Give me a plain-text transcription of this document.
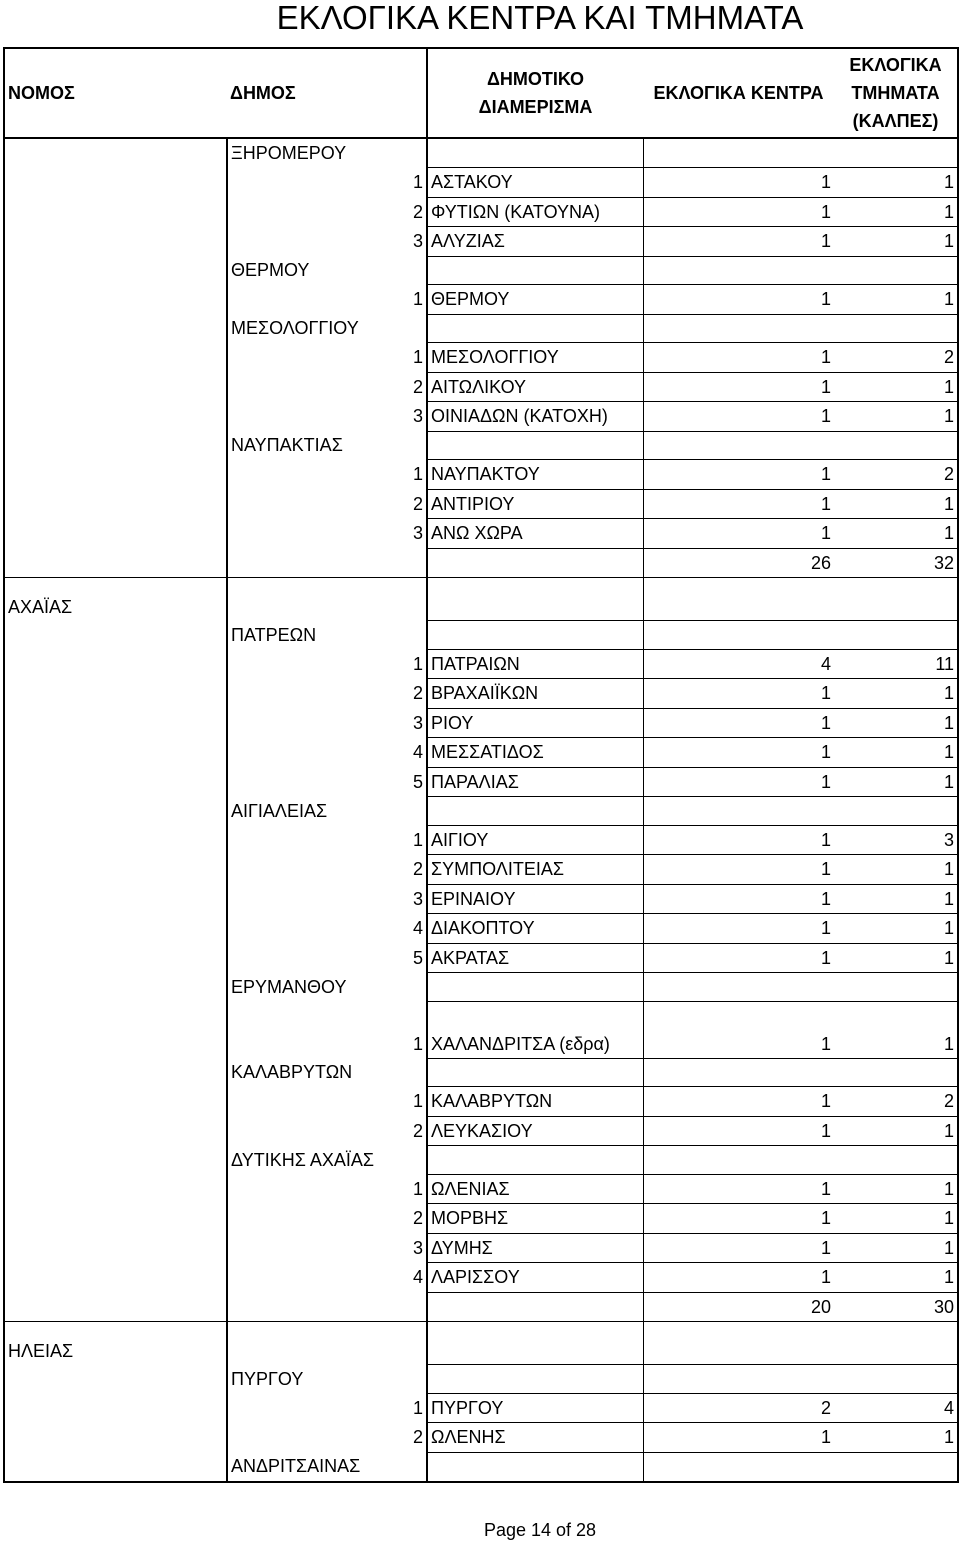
ΕΚΛΟΓΙΚΑ ΚΕΝΤΡΑ ΚΑΙ ΤΜΗΜΑΤΑ
ΝΟΜΟΣ	ΔΗΜΟΣ	ΔΗΜΟΤΙΚΟ ΔΙΑΜΕΡΙΣΜΑ	ΕΚΛΟΓΙΚΑ ΚΕΝΤΡΑ	ΕΚΛΟΓΙΚΑ ΤΜΗΜΑΤΑ (ΚΑΛΠΕΣ)
	ΞΗΡΟΜΕΡΟΥ			
	1	ΑΣΤΑΚΟΥ	1	1
	2	ΦΥΤΙΩΝ (ΚΑΤΟΥΝΑ)	1	1
	3	ΑΛΥΖΙΑΣ	1	1
	ΘΕΡΜΟΥ			
	1	ΘΕΡΜΟΥ	1	1
	ΜΕΣΟΛΟΓΓΙΟΥ			
	1	ΜΕΣΟΛΟΓΓΙΟΥ	1	2
	2	ΑΙΤΩΛΙΚΟΥ	1	1
	3	ΟΙΝΙΑΔΩΝ (ΚΑΤΟΧΗ)	1	1
	ΝΑΥΠΑΚΤΙΑΣ			
	1	ΝΑΥΠΑΚΤΟΥ	1	2
	2	ΑΝΤΙΡΙΟΥ	1	1
	3	ΑΝΩ ΧΩΡΑ	1	1
			26	32
ΑΧΑΪΑΣ				
	ΠΑΤΡΕΩΝ			
	1	ΠΑΤΡΑΙΩΝ	4	11
	2	ΒΡΑΧΑΙΪΚΩΝ	1	1
	3	ΡΙΟΥ	1	1
	4	ΜΕΣΣΑΤΙΔΟΣ	1	1
	5	ΠΑΡΑΛΙΑΣ	1	1
	ΑΙΓΙΑΛΕΙΑΣ			
	1	ΑΙΓΙΟΥ	1	3
	2	ΣΥΜΠΟΛΙΤΕΙΑΣ	1	1
	3	ΕΡΙΝΑΙΟΥ	1	1
	4	ΔΙΑΚΟΠΤΟΥ	1	1
	5	ΑΚΡΑΤΑΣ	1	1
	ΕΡΥΜΑΝΘΟΥ			
	1	ΧΑΛΑΝΔΡΙΤΣΑ (εδρα)	1	1
	ΚΑΛΑΒΡΥΤΩΝ			
	1	ΚΑΛΑΒΡΥΤΩΝ	1	2
	2	ΛΕΥΚΑΣΙΟΥ	1	1
	ΔΥΤΙΚΗΣ ΑΧΑΪΑΣ			
	1	ΩΛΕΝΙΑΣ	1	1
	2	ΜΟΡΒΗΣ	1	1
	3	ΔΥΜΗΣ	1	1
	4	ΛΑΡΙΣΣΟΥ	1	1
			20	30
ΗΛΕΙΑΣ				
	ΠΥΡΓΟΥ			
	1	ΠΥΡΓΟΥ	2	4
	2	ΩΛΕΝΗΣ	1	1
	ΑΝΔΡΙΤΣΑΙΝΑΣ			
Page 14 of 28
